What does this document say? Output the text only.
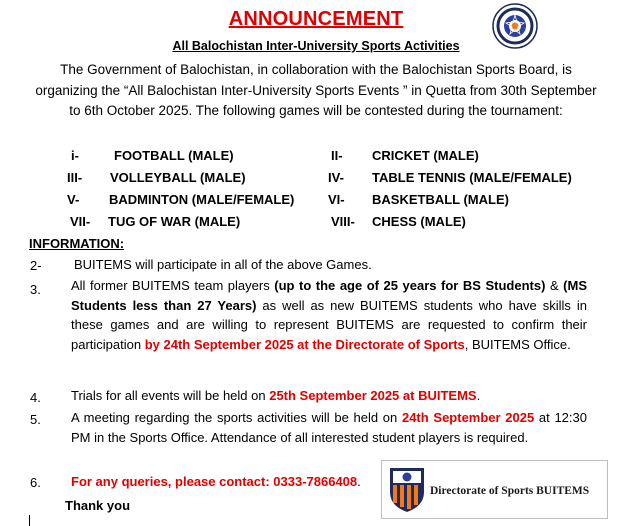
ANNOUNCEMENT
All Balochistan Inter-University Sports Activities
The Government of Balochistan, in collaboration with the Balochistan Sports Board, is organizing the “All Balochistan Inter-University Sports Events ” in Quetta from 30th September to 6th October 2025. The following games will be contested during the tournament:
i-	FOOTBALL (MALE)	II- CRICKET (MALE)
III- VOLLEYBALL (MALE)	IV- TABLE TENNIS (MALE/FEMALE)
V- BADMINTON (MALE/FEMALE)	VI- BASKETBALL (MALE)
VII- TUG OF WAR (MALE)	VIII- CHESS (MALE)
INFORMATION:
2- BUITEMS will participate in all of the above Games.
3. All former BUITEMS team players (up to the age of 25 years for BS Students) & (MS Students less than 27 Years) as well as new BUITEMS students who have skills in these games and are willing to represent BUITEMS are requested to confirm their participation by 24th September 2025 at the Directorate of Sports, BUITEMS Office.
4. Trials for all events will be held on 25th September 2025 at BUITEMS.
5. A meeting regarding the sports activities will be held on 24th September 2025 at 12:30 PM in the Sports Office. Attendance of all interested student players is required.
6. For any queries, please contact: 0333-7866408.
Directorate of Sports BUITEMS
Thank you
